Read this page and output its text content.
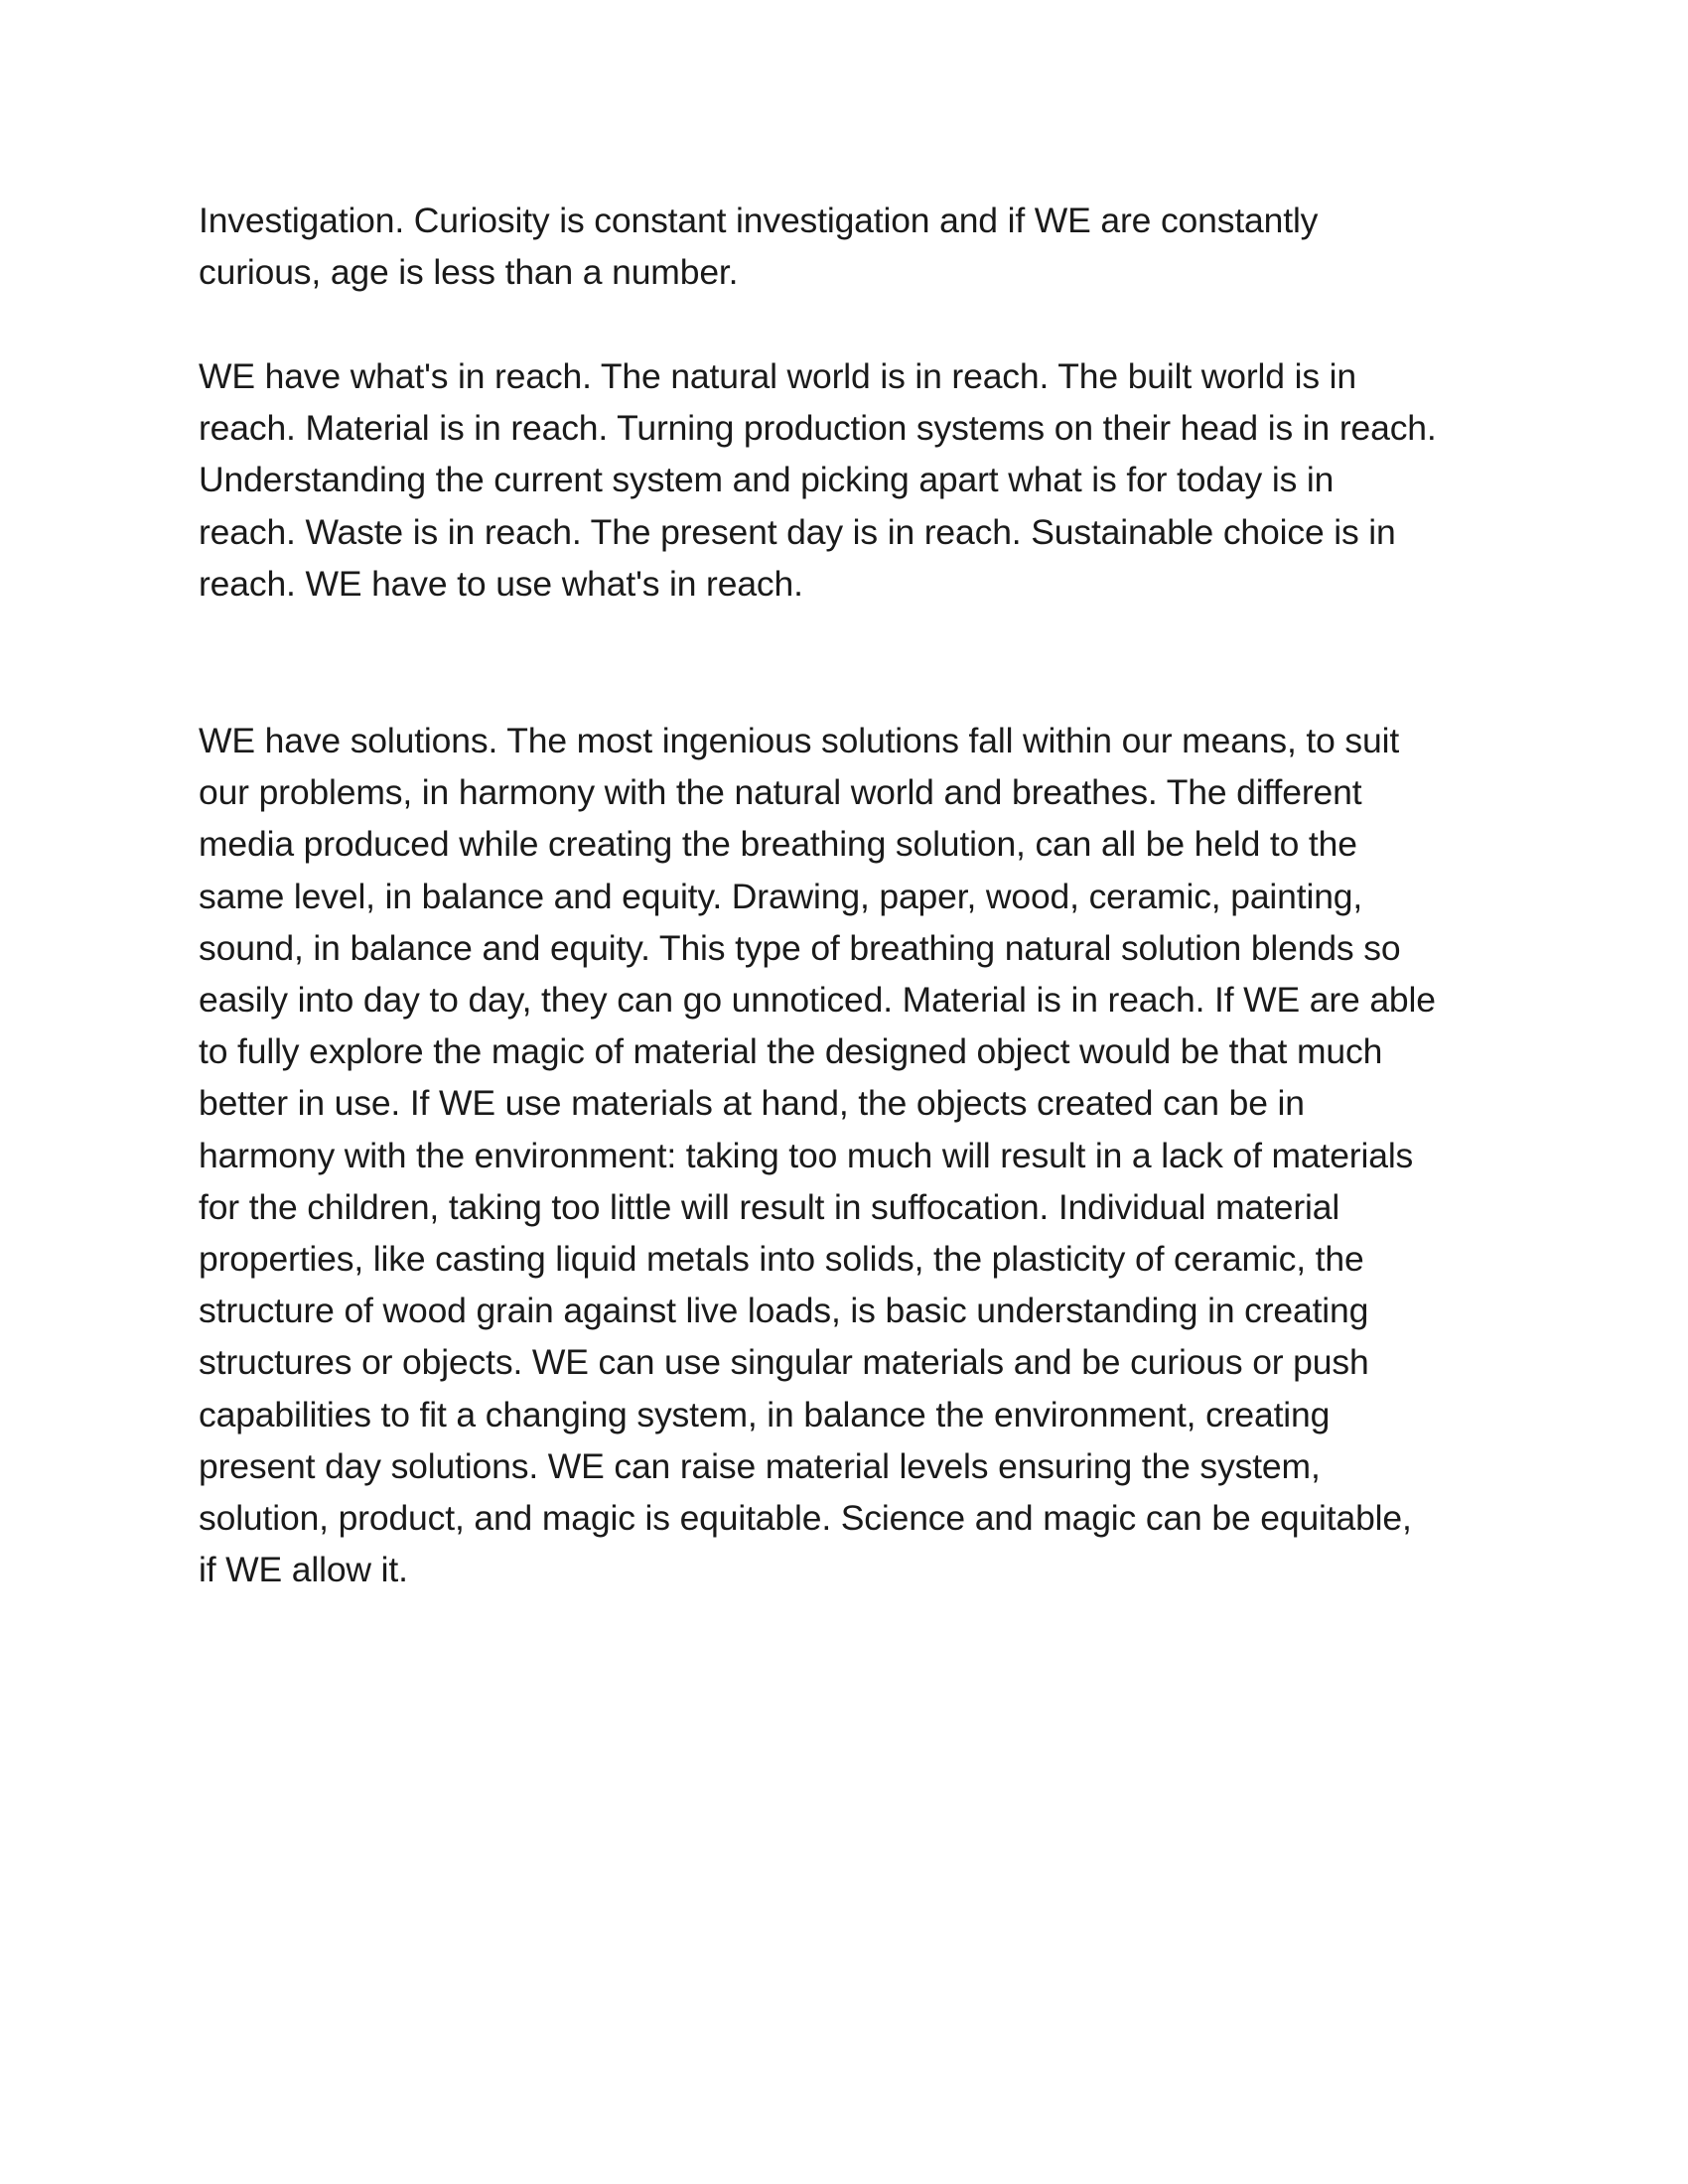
Investigation. Curiosity is constant investigation and if WE are constantly
curious, age is less than a number.

WE have what's in reach. The natural world is in reach. The built world is in
reach. Material is in reach. Turning production systems on their head is in reach.
Understanding the current system and picking apart what is for today is in
reach. Waste is in reach. The present day is in reach. Sustainable choice is in
reach. WE have to use what's in reach.

WE have solutions. The most ingenious solutions fall within our means, to suit
our problems, in harmony with the natural world and breathes. The different
media produced while creating the breathing solution, can all be held to the
same level, in balance and equity. Drawing, paper, wood, ceramic, painting,
sound, in balance and equity. This type of breathing natural solution blends so
easily into day to day, they can go unnoticed. Material is in reach. If WE are able
to fully explore the magic of material the designed object would be that much
better in use. If WE use materials at hand, the objects created can be in
harmony with the environment: taking too much will result in a lack of materials
for the children, taking too little will result in suffocation. Individual material
properties, like casting liquid metals into solids, the plasticity of ceramic, the
structure of wood grain against live loads, is basic understanding in creating
structures or objects. WE can use singular materials and be curious or push
capabilities to fit a changing system, in balance the environment, creating
present day solutions. WE can raise material levels ensuring the system,
solution, product, and magic is equitable. Science and magic can be equitable,
if WE allow it.
